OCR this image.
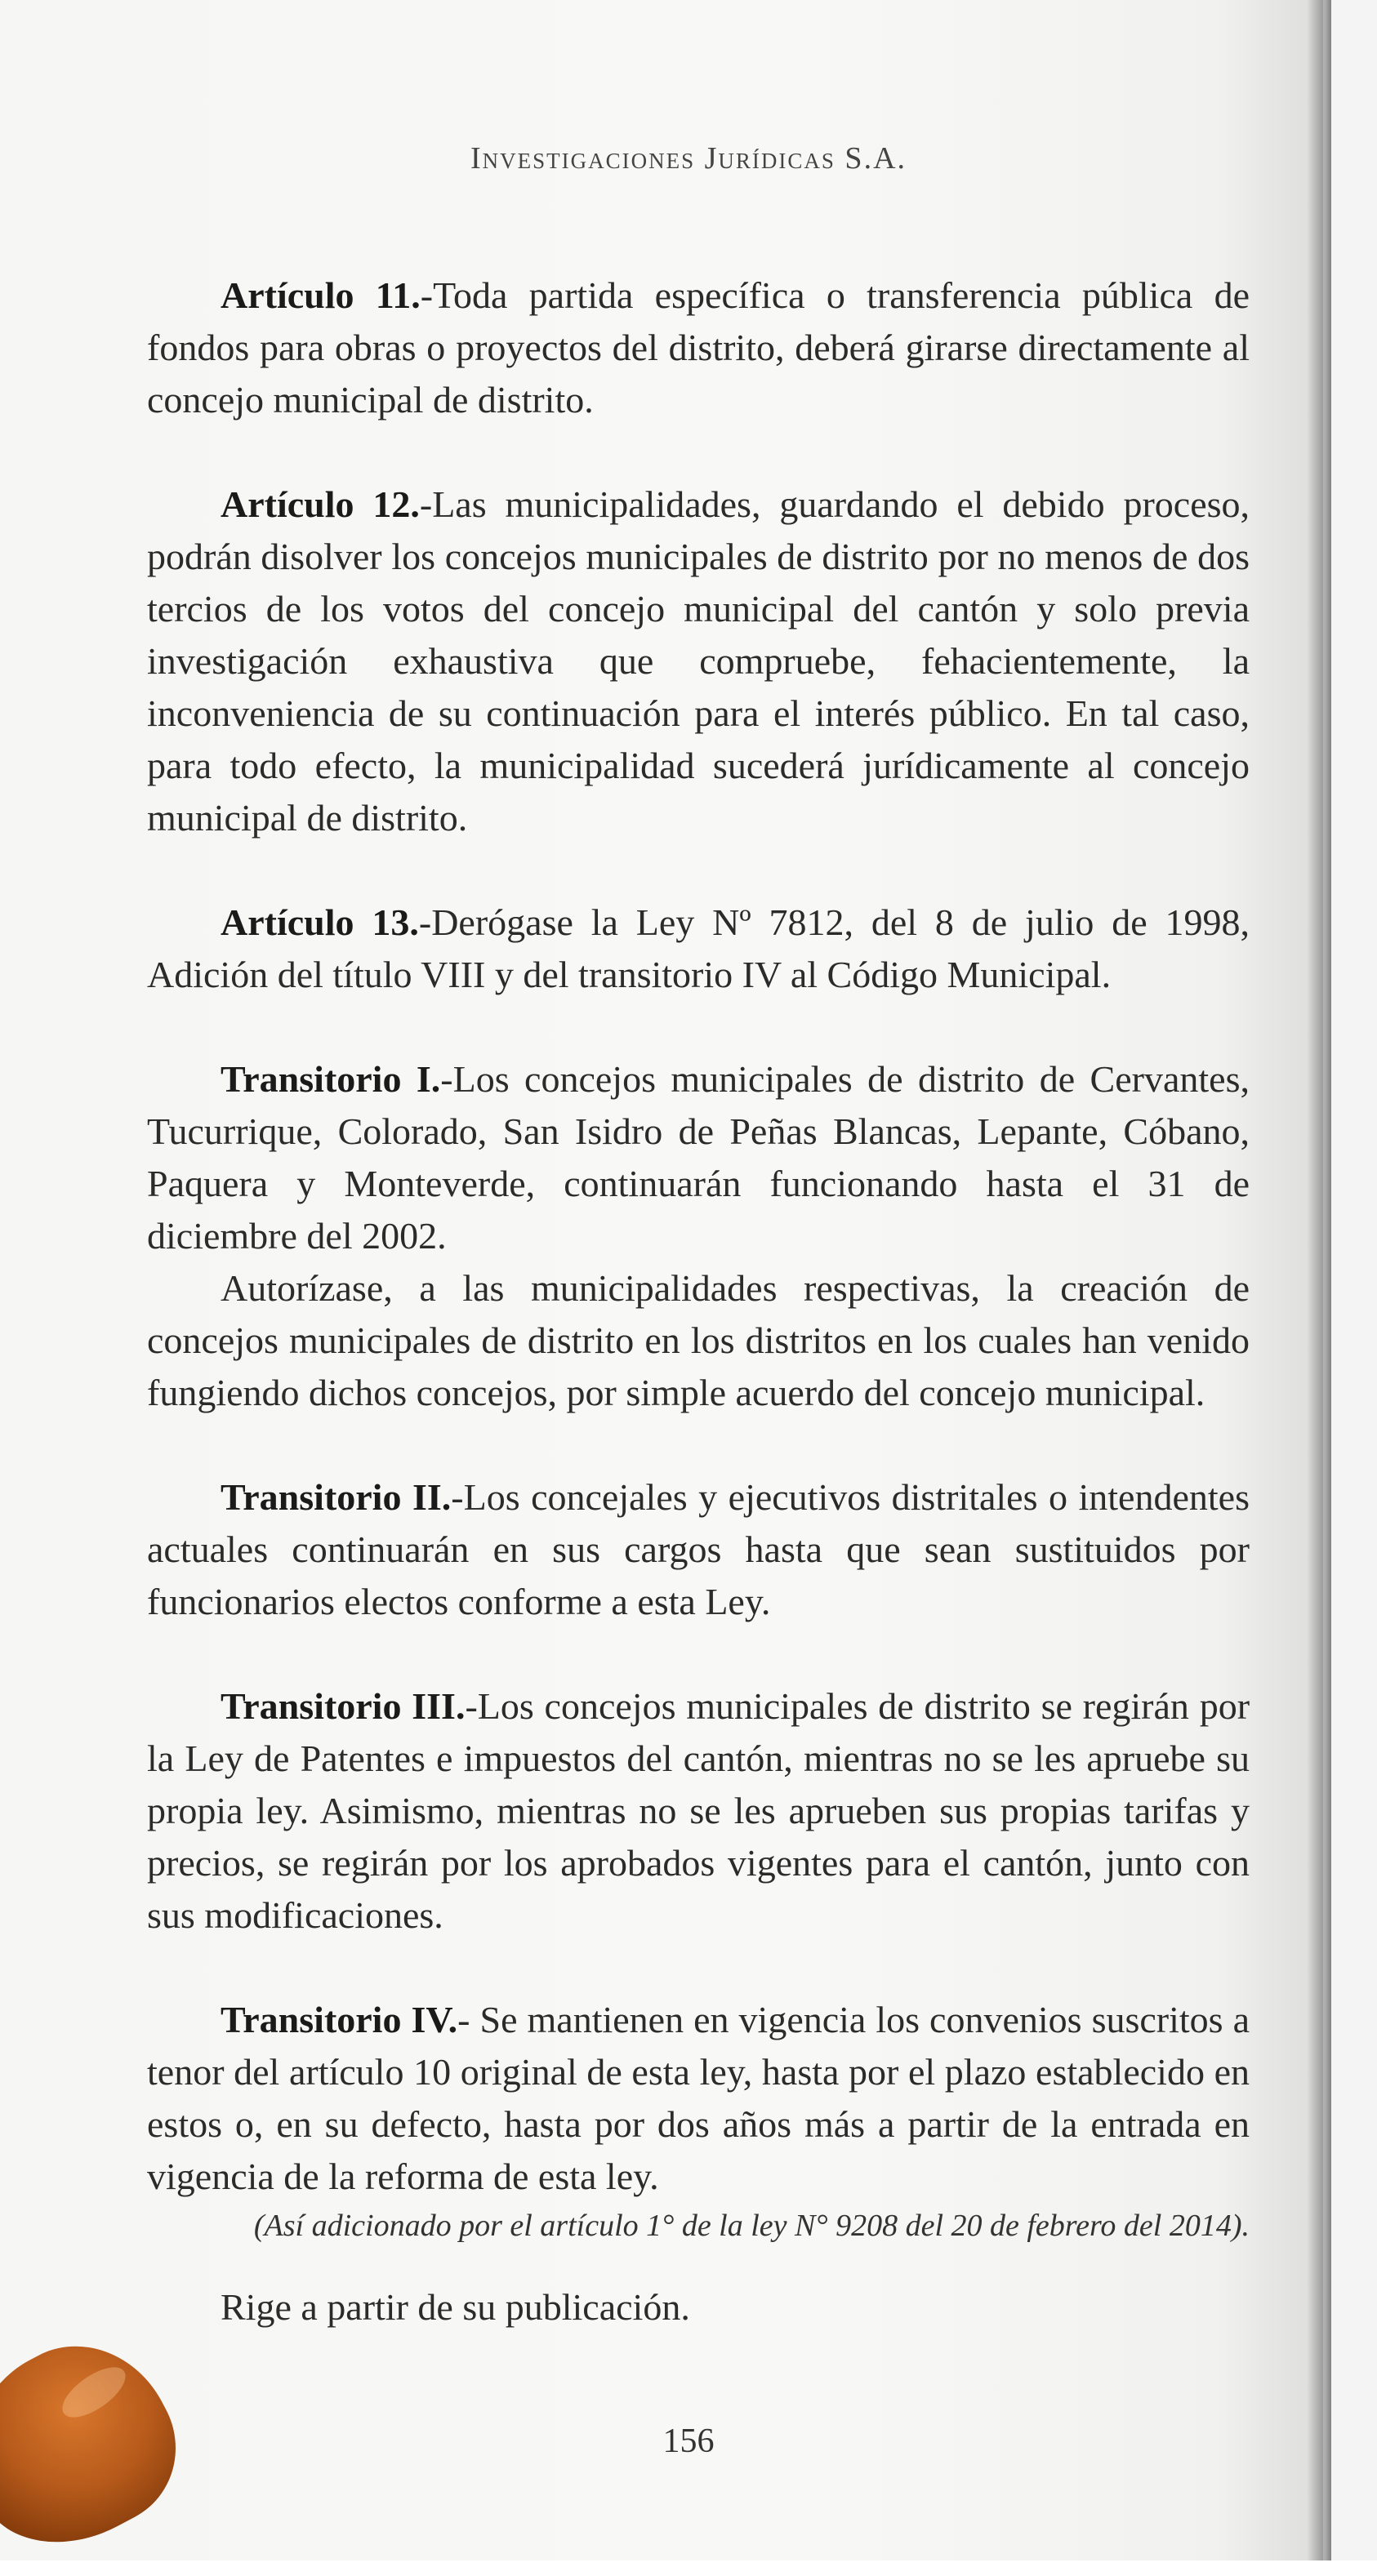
Investigaciones Jurídicas S.A.

Artículo 11.-Toda partida específica o transferencia pública de fondos para obras o proyectos del distrito, deberá girarse directamente al concejo municipal de distrito.

Artículo 12.-Las municipalidades, guardando el debido proceso, podrán disolver los concejos municipales de distrito por no menos de dos tercios de los votos del concejo municipal del cantón y solo previa investigación exhaustiva que compruebe, fehacientemente, la inconveniencia de su continuación para el interés público. En tal caso, para todo efecto, la municipalidad sucederá jurídicamente al concejo municipal de distrito.

Artículo 13.-Derógase la Ley Nº 7812, del 8 de julio de 1998, Adición del título VIII y del transitorio IV al Código Municipal.

Transitorio I.-Los concejos municipales de distrito de Cervantes, Tucurrique, Colorado, San Isidro de Peñas Blancas, Lepante, Cóbano, Paquera y Monteverde, continuarán funcionando hasta el 31 de diciembre del 2002.

Autorízase, a las municipalidades respectivas, la creación de concejos municipales de distrito en los distritos en los cuales han venido fungiendo dichos concejos, por simple acuerdo del concejo municipal.

Transitorio II.-Los concejales y ejecutivos distritales o intendentes actuales continuarán en sus cargos hasta que sean sustituidos por funcionarios electos conforme a esta Ley.

Transitorio III.-Los concejos municipales de distrito se regirán por la Ley de Patentes e impuestos del cantón, mientras no se les apruebe su propia ley. Asimismo, mientras no se les aprueben sus propias tarifas y precios, se regirán por los aprobados vigentes para el cantón, junto con sus modificaciones.

Transitorio IV.- Se mantienen en vigencia los convenios suscritos a tenor del artículo 10 original de esta ley, hasta por el plazo establecido en estos o, en su defecto, hasta por dos años más a partir de la entrada en vigencia de la reforma de esta ley.

(Así adicionado por el artículo 1° de la ley N° 9208 del 20 de febrero del 2014).

Rige a partir de su publicación.

156
